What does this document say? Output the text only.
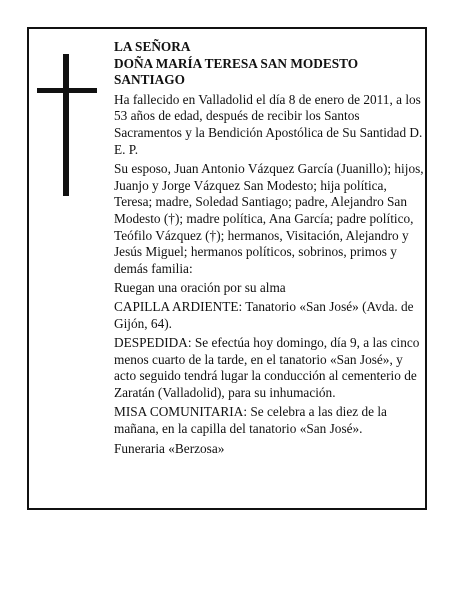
LA SEÑORA
DOÑA MARÍA TERESA SAN MODESTO
SANTIAGO
Ha fallecido en Valladolid el día 8 de enero de 2011, a los 53 años de edad, después de recibir los Santos Sacramentos y la Bendición Apostólica de Su Santidad D. E. P.
Su esposo, Juan Antonio Vázquez García (Juanillo); hijos, Juanjo y Jorge Vázquez San Modesto; hija política, Teresa; madre, Soledad Santiago; padre, Alejandro San Modesto (†); madre política, Ana García; padre político, Teófilo Vázquez (†); hermanos, Visitación, Alejandro y Jesús Miguel; hermanos políticos, sobrinos, primos y demás familia:
Ruegan una oración por su alma
CAPILLA ARDIENTE: Tanatorio «San José» (Avda. de Gijón, 64).
DESPEDIDA: Se efectúa hoy domingo, día 9, a las cinco menos cuarto de la tarde, en el tanatorio «San José», y acto seguido tendrá lugar la conducción al cementerio de Zaratán (Valladolid), para su inhumación.
MISA COMUNITARIA: Se celebra a las diez de la mañana, en la capilla del tanatorio «San José».
Funeraria «Berzosa»
